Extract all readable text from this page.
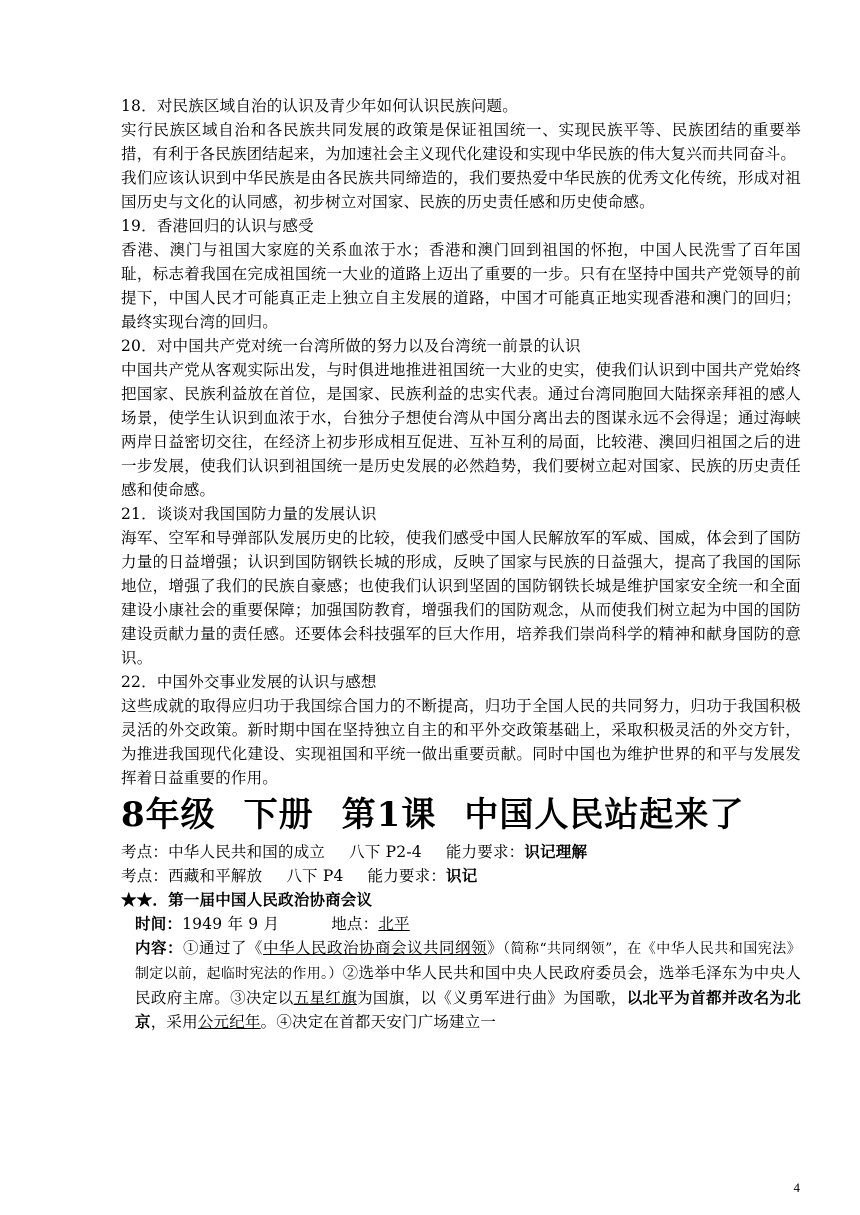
18．对民族区域自治的认识及青少年如何认识民族问题。

实行民族区域自治和各民族共同发展的政策是保证祖国统一、实现民族平等、民族团结的重要举措，有利于各民族团结起来，为加速社会主义现代化建设和实现中华民族的伟大复兴而共同奋斗。

我们应该认识到中华民族是由各民族共同缔造的，我们要热爱中华民族的优秀文化传统，形成对祖国历史与文化的认同感，初步树立对国家、民族的历史责任感和历史使命感。

19．香港回归的认识与感受

香港、澳门与祖国大家庭的关系血浓于水；香港和澳门回到祖国的怀抱，中国人民洗雪了百年国耻，标志着我国在完成祖国统一大业的道路上迈出了重要的一步。只有在坚持中国共产党领导的前提下，中国人民才可能真正走上独立自主发展的道路，中国才可能真正地实现香港和澳门的回归；最终实现台湾的回归。

20．对中国共产党对统一台湾所做的努力以及台湾统一前景的认识

中国共产党从客观实际出发，与时俱进地推进祖国统一大业的史实，使我们认识到中国共产党始终把国家、民族利益放在首位，是国家、民族利益的忠实代表。通过台湾同胞回大陆探亲拜祖的感人场景，使学生认识到血浓于水，台独分子想使台湾从中国分离出去的图谋永远不会得逞；通过海峡两岸日益密切交往，在经济上初步形成相互促进、互补互利的局面，比较港、澳回归祖国之后的进一步发展，使我们认识到祖国统一是历史发展的必然趋势，我们要树立起对国家、民族的历史责任感和使命感。

21．谈谈对我国国防力量的发展认识

海军、空军和导弹部队发展历史的比较，使我们感受中国人民解放军的军威、国威，体会到了国防力量的日益增强；认识到国防钢铁长城的形成，反映了国家与民族的日益强大，提高了我国的国际地位，增强了我们的民族自豪感；也使我们认识到坚固的国防钢铁长城是维护国家安全统一和全面建设小康社会的重要保障；加强国防教育，增强我们的国防观念，从而使我们树立起为中国的国防建设贡献力量的责任感。还要体会科技强军的巨大作用，培养我们崇尚科学的精神和献身国防的意识。

22．中国外交事业发展的认识与感想

这些成就的取得应归功于我国综合国力的不断提高，归功于全国人民的共同努力，归功于我国积极灵活的外交政策。新时期中国在坚持独立自主的和平外交政策基础上，采取积极灵活的外交方针，为推进我国现代化建设、实现祖国和平统一做出重要贡献。同时中国也为维护世界的和平与发展发挥着日益重要的作用。

8年级 下册 第1课 中国人民站起来了

考点：中华人民共和国的成立 八下 P2-4 能力要求：识记理解

考点：西藏和平解放 八下 P4 能力要求：识记

★★．第一届中国人民政治协商会议

时间：1949 年 9 月	地点：北平

内容：①通过了《中华人民政治协商会议共同纲领》（简称“共同纲领”，在《中华人民共和国宪法》制定以前，起临时宪法的作用。）②选举中华人民共和国中央人民政府委员会，选举毛泽东为中央人民政府主席。③决定以五星红旗为国旗，以《义勇军进行曲》为国歌，以北平为首都并改名为北京，采用公元纪年。④决定在首都天安门广场建立一

4
